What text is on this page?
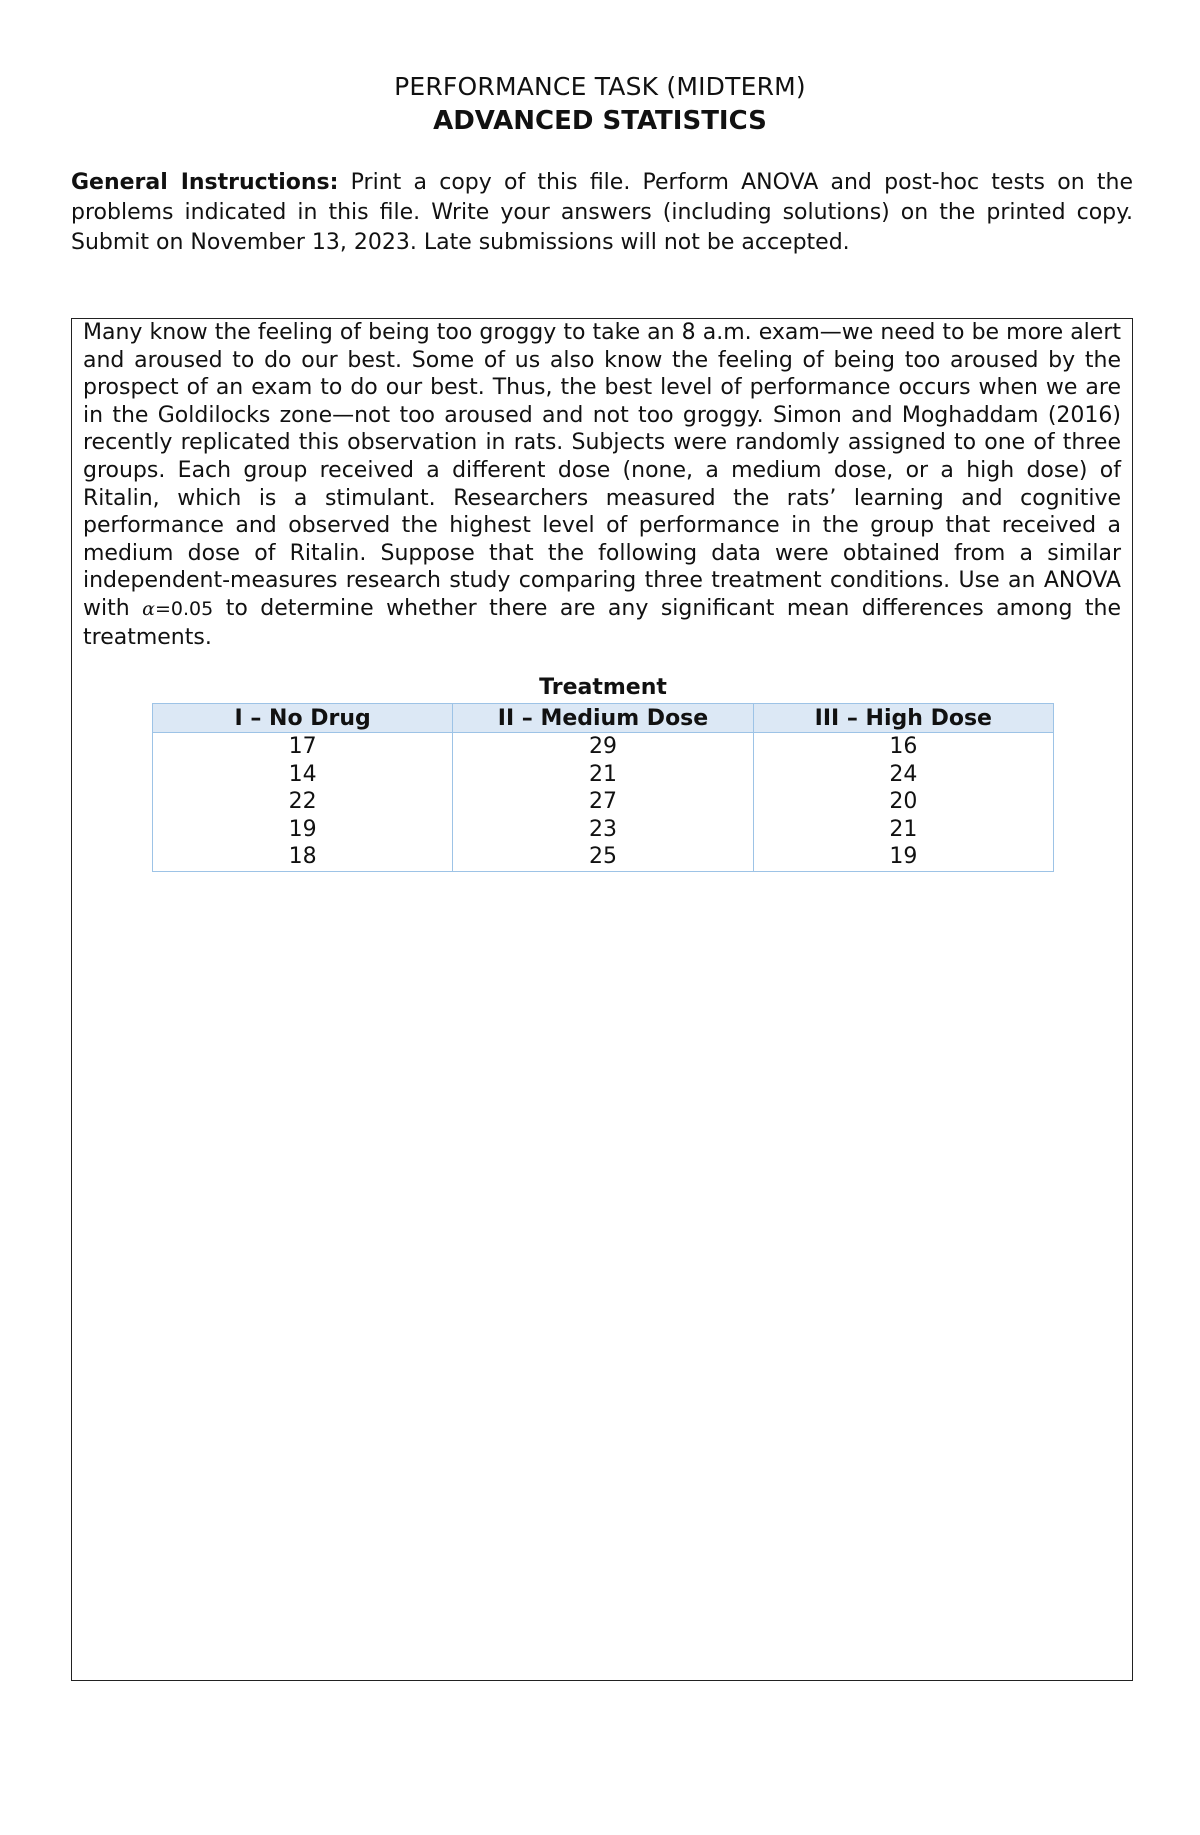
PERFORMANCE TASK (MIDTERM)
ADVANCED STATISTICS
General Instructions: Print a copy of this file. Perform ANOVA and post-hoc tests on the problems indicated in this file. Write your answers (including solutions) on the printed copy. Submit on November 13, 2023. Late submissions will not be accepted.
Many know the feeling of being too groggy to take an 8 a.m. exam—we need to be more alert and aroused to do our best. Some of us also know the feeling of being too aroused by the prospect of an exam to do our best. Thus, the best level of performance occurs when we are in the Goldilocks zone—not too aroused and not too groggy. Simon and Moghaddam (2016) recently replicated this observation in rats. Subjects were randomly assigned to one of three groups. Each group received a different dose (none, a medium dose, or a high dose) of Ritalin, which is a stimulant. Researchers measured the rats’ learning and cognitive performance and observed the highest level of performance in the group that received a medium dose of Ritalin. Suppose that the following data were obtained from a similar independent-measures research study comparing three treatment conditions. Use an ANOVA with α=0.05 to determine whether there are any significant mean differences among the treatments.
Treatment
I – No Drug	II – Medium Dose	III – High Dose
17	29	16
14	21	24
22	27	20
19	23	21
18	25	19
